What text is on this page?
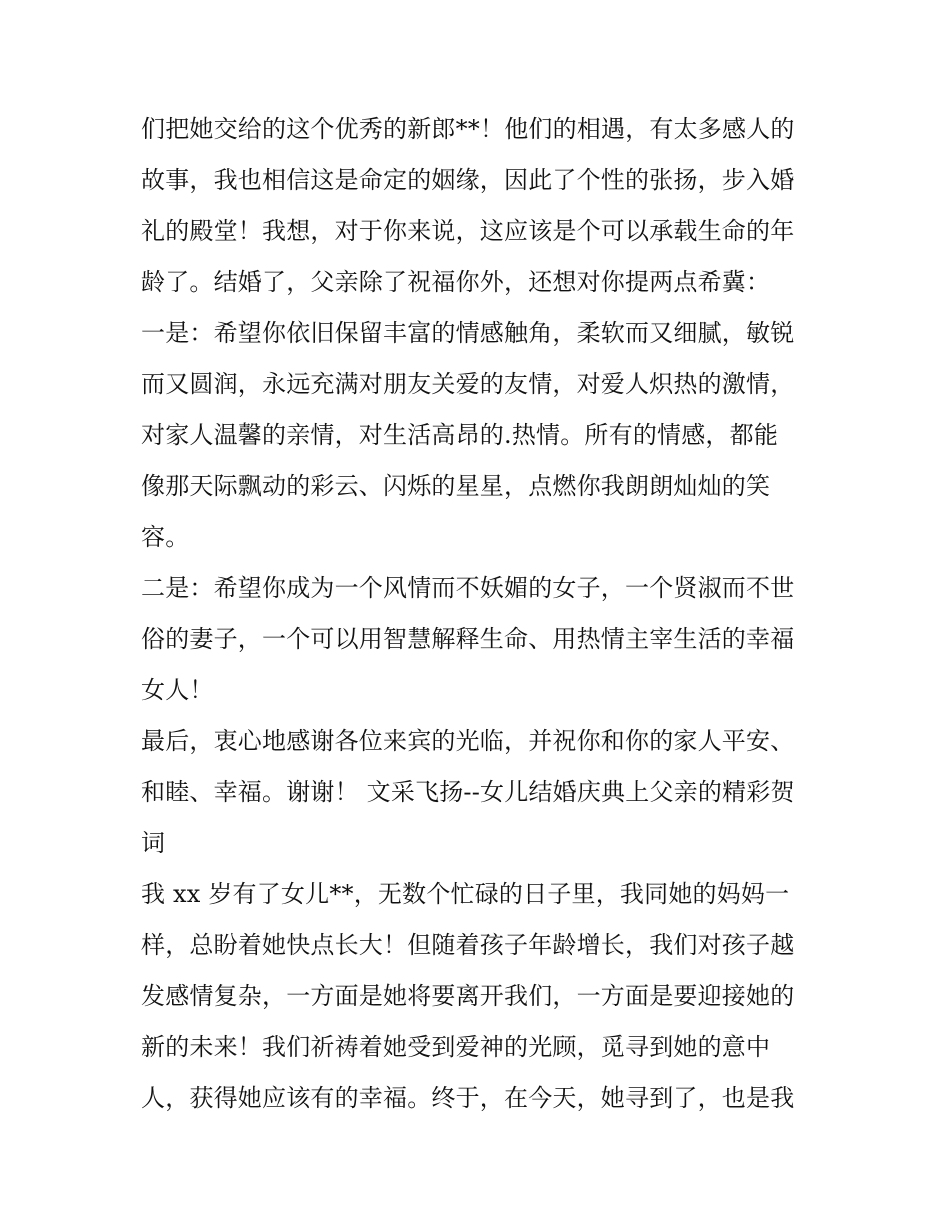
们把她交给的这个优秀的新郎**！他们的相遇，有太多感人的
故事，我也相信这是命定的姻缘，因此了个性的张扬，步入婚
礼的殿堂！我想，对于你来说，这应该是个可以承载生命的年
龄了。结婚了，父亲除了祝福你外，还想对你提两点希冀：
一是：希望你依旧保留丰富的情感触角，柔软而又细腻，敏锐
而又圆润，永远充满对朋友关爱的友情，对爱人炽热的激情，
对家人温馨的亲情，对生活高昂的.热情。所有的情感，都能
像那天际飘动的彩云、闪烁的星星，点燃你我朗朗灿灿的笑
容。
二是：希望你成为一个风情而不妖媚的女子，一个贤淑而不世
俗的妻子，一个可以用智慧解释生命、用热情主宰生活的幸福
女人！
最后，衷心地感谢各位来宾的光临，并祝你和你的家人平安、
和睦、幸福。谢谢！ 文采飞扬--女儿结婚庆典上父亲的精彩贺
词
我 xx 岁有了女儿**，无数个忙碌的日子里，我同她的妈妈一
样，总盼着她快点长大！但随着孩子年龄增长，我们对孩子越
发感情复杂，一方面是她将要离开我们，一方面是要迎接她的
新的未来！我们祈祷着她受到爱神的光顾，觅寻到她的意中
人，获得她应该有的幸福。终于，在今天，她寻到了，也是我
